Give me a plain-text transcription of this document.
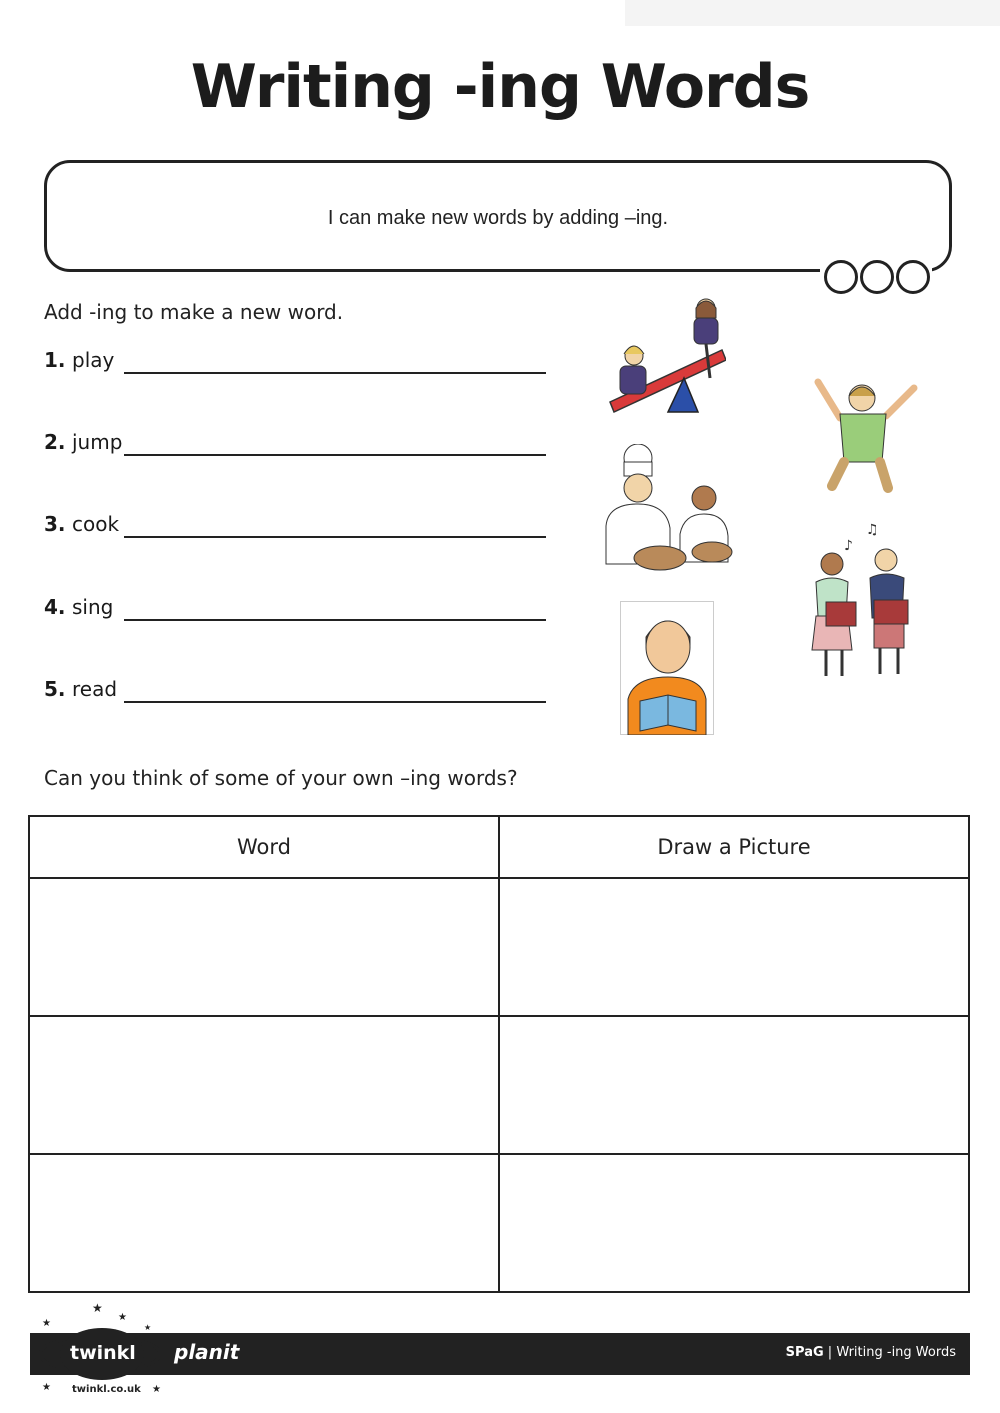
Writing -ing Words
I can make new words by adding –ing.
Add -ing to make a new word.
1. play
2. jump
3. cook
4. sing
5. read
♪
♫
Can you think of some of your own –ing words?
Word	Draw a Picture

SPaG | Writing -ing Words
planit
★
★
★	★
★	★
twinkl
twinkl.co.uk
